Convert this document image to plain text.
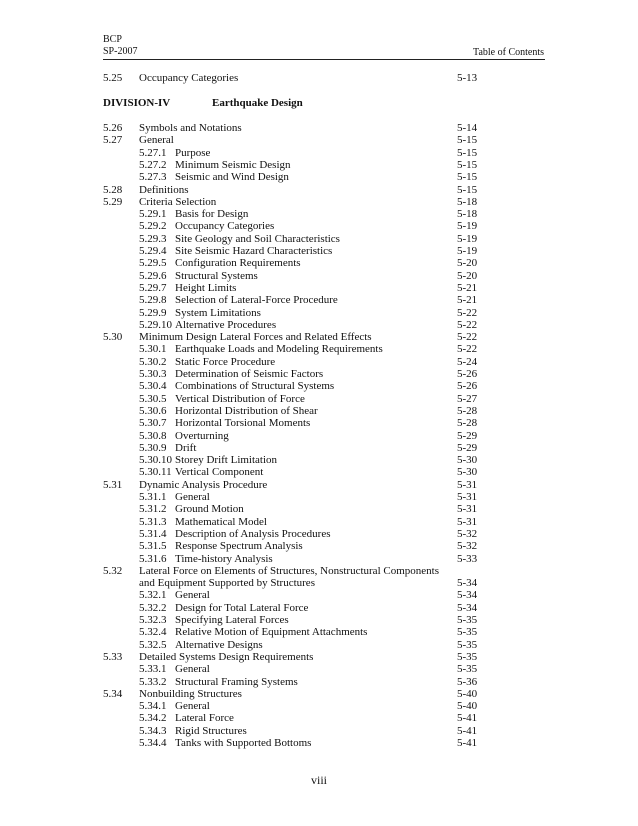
BCP
SP-2007	Table of Contents
DIVISION-IV	Earthquake Design
5.25 Occupancy Categories	5-13
5.26 Symbols and Notations	5-14
5.27 General	5-15
5.27.1 Purpose	5-15
5.27.2 Minimum Seismic Design	5-15
5.27.3 Seismic and Wind Design	5-15
5.28 Definitions	5-15
5.29 Criteria Selection	5-18
5.29.1 Basis for Design	5-18
5.29.2 Occupancy Categories	5-19
5.29.3 Site Geology and Soil Characteristics	5-19
5.29.4 Site Seismic Hazard Characteristics	5-19
5.29.5 Configuration Requirements	5-20
5.29.6 Structural Systems	5-20
5.29.7 Height Limits	5-21
5.29.8 Selection of Lateral-Force Procedure	5-21
5.29.9 System Limitations	5-22
5.29.10 Alternative Procedures	5-22
5.30 Minimum Design Lateral Forces and Related Effects	5-22
5.30.1 Earthquake Loads and Modeling Requirements	5-22
5.30.2 Static Force Procedure	5-24
5.30.3 Determination of Seismic Factors	5-26
5.30.4 Combinations of Structural Systems	5-26
5.30.5 Vertical Distribution of Force	5-27
5.30.6 Horizontal Distribution of Shear	5-28
5.30.7 Horizontal Torsional Moments	5-28
5.30.8 Overturning	5-29
5.30.9 Drift	5-29
5.30.10 Storey Drift Limitation	5-30
5.30.11 Vertical Component	5-30
5.31 Dynamic Analysis Procedure	5-31
5.31.1 General	5-31
5.31.2 Ground Motion	5-31
5.31.3 Mathematical Model	5-31
5.31.4 Description of Analysis Procedures	5-32
5.31.5 Response Spectrum Analysis	5-32
5.31.6 Time-history Analysis	5-33
5.32 Lateral Force on Elements of Structures, Nonstructural Components
and Equipment Supported by Structures	5-34
5.32.1 General	5-34
5.32.2 Design for Total Lateral Force	5-34
5.32.3 Specifying Lateral Forces	5-35
5.32.4 Relative Motion of Equipment Attachments	5-35
5.32.5 Alternative Designs	5-35
5.33 Detailed Systems Design Requirements	5-35
5.33.1 General	5-35
5.33.2 Structural Framing Systems	5-36
5.34 Nonbuilding Structures	5-40
5.34.1 General	5-40
5.34.2 Lateral Force	5-41
5.34.3 Rigid Structures	5-41
5.34.4 Tanks with Supported Bottoms	5-41
viii
